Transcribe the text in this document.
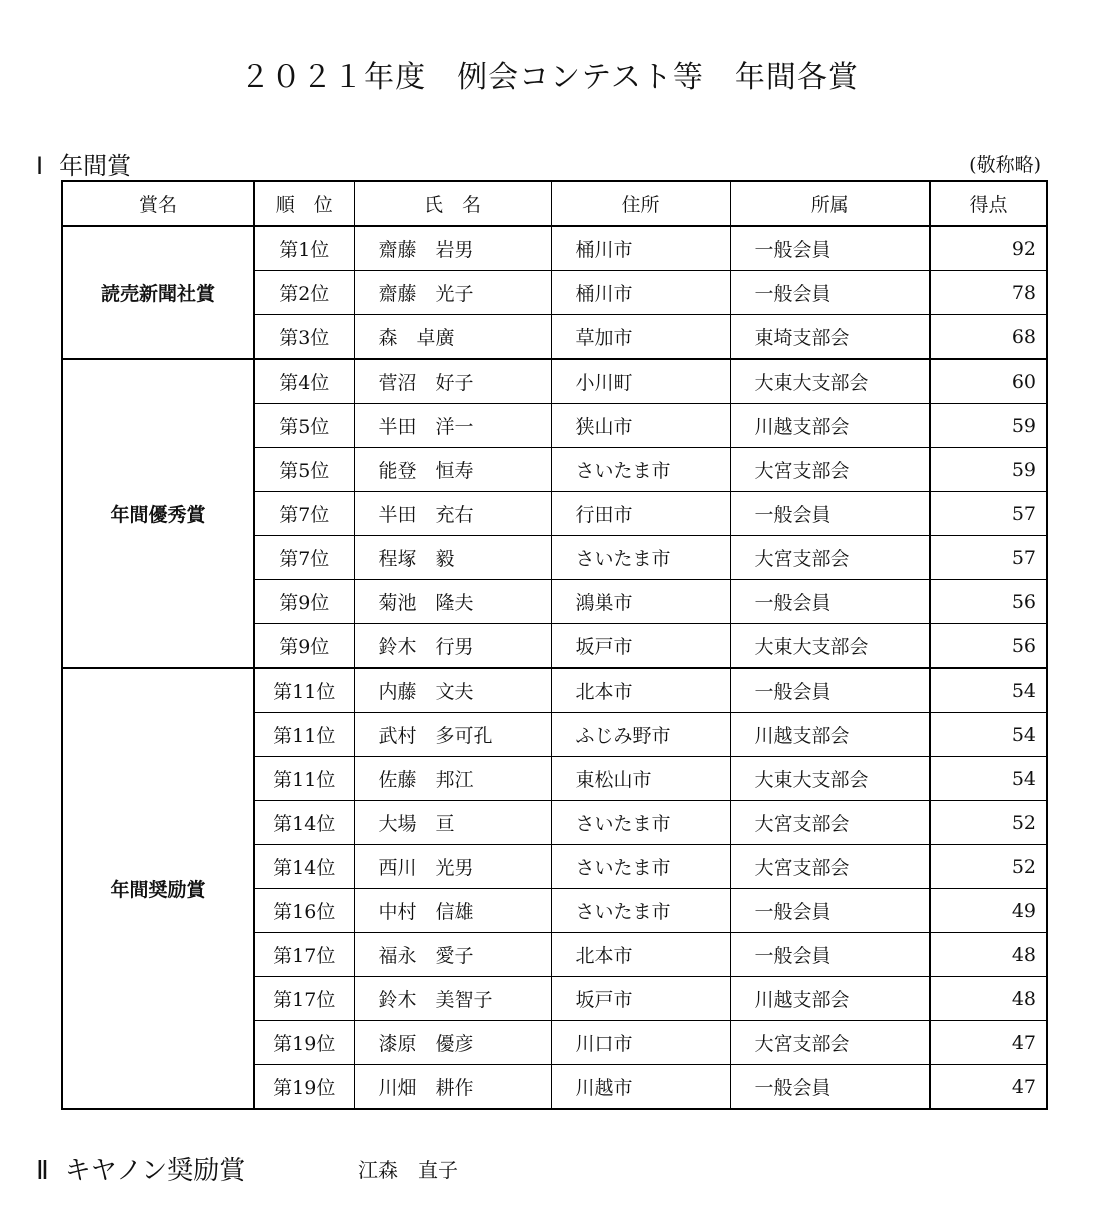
２０２１年度　例会コンテスト等　年間各賞
Ⅰ 年間賞	(敬称略)
賞名	順　位	氏　名	住所	所属	得点
読売新聞社賞	第1位	齋藤　岩男	桶川市	一般会員	92
	第2位	齋藤　光子	桶川市	一般会員	78
	第3位	森　卓廣	草加市	東埼支部会	68
年間優秀賞	第4位	菅沼　好子	小川町	大東大支部会	60
	第5位	半田　洋一	狭山市	川越支部会	59
	第5位	能登　恒寿	さいたま市	大宮支部会	59
	第7位	半田　充右	行田市	一般会員	57
	第7位	程塚　毅	さいたま市	大宮支部会	57
	第9位	菊池　隆夫	鴻巣市	一般会員	56
	第9位	鈴木　行男	坂戸市	大東大支部会	56
年間奨励賞	第11位	内藤　文夫	北本市	一般会員	54
	第11位	武村　多可孔	ふじみ野市	川越支部会	54
	第11位	佐藤　邦江	東松山市	大東大支部会	54
	第14位	大場　亘	さいたま市	大宮支部会	52
	第14位	西川　光男	さいたま市	大宮支部会	52
	第16位	中村　信雄	さいたま市	一般会員	49
	第17位	福永　愛子	北本市	一般会員	48
	第17位	鈴木　美智子	坂戸市	川越支部会	48
	第19位	漆原　優彦	川口市	大宮支部会	47
	第19位	川畑　耕作	川越市	一般会員	47
Ⅱ キヤノン奨励賞	江森　直子
